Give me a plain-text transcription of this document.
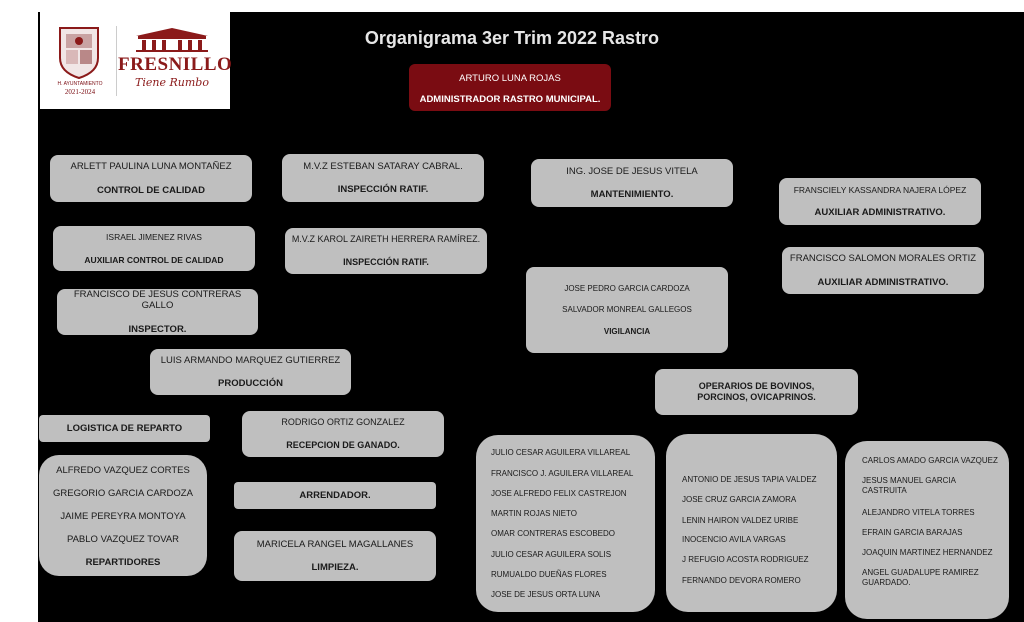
H. AYUNTAMIENTO
2021-2024
FRESNILLO
Tiene Rumbo
Organigrama 3er Trim 2022 Rastro
ARTURO LUNA ROJAS
ADMINISTRADOR RASTRO MUNICIPAL.
ARLETT PAULINA LUNA MONTAÑEZ
CONTROL DE CALIDAD
ISRAEL JIMENEZ RIVAS
AUXILIAR CONTROL DE CALIDAD
FRANCISCO DE JESUS CONTRERAS GALLO
INSPECTOR.
LUIS ARMANDO MARQUEZ GUTIERREZ
PRODUCCIÓN
M.V.Z ESTEBAN SATARAY CABRAL.
INSPECCIÓN RATIF.
M.V.Z KAROL ZAIRETH HERRERA RAMÍREZ.
INSPECCIÓN RATIF.
ING. JOSE DE JESUS VITELA
MANTENIMIENTO.
JOSE PEDRO GARCIA CARDOZA
SALVADOR MONREAL GALLEGOS
VIGILANCIA
FRANSCIELY KASSANDRA NAJERA LÓPEZ
AUXILIAR ADMINISTRATIVO.
FRANCISCO SALOMON MORALES ORTIZ
AUXILIAR ADMINISTRATIVO.
OPERARIOS DE BOVINOS, PORCINOS, OVICAPRINOS.
LOGISTICA DE REPARTO
ALFREDO VAZQUEZ CORTES
GREGORIO GARCIA CARDOZA
JAIME PEREYRA MONTOYA
PABLO VAZQUEZ TOVAR
REPARTIDORES
RODRIGO ORTIZ GONZALEZ
RECEPCION DE GANADO.
ARRENDADOR.
MARICELA RANGEL MAGALLANES
LIMPIEZA.
JULIO CESAR AGUILERA VILLAREAL
FRANCISCO J. AGUILERA VILLAREAL
JOSE ALFREDO FELIX CASTREJON
MARTIN ROJAS NIETO
OMAR CONTRERAS ESCOBEDO
JULIO CESAR AGUILERA SOLIS
RUMUALDO DUEÑAS FLORES
JOSE DE JESUS ORTA LUNA
ANTONIO DE JESUS TAPIA VALDEZ
JOSE CRUZ GARCIA ZAMORA
LENIN HAIRON VALDEZ URIBE
INOCENCIO AVILA VARGAS
J REFUGIO ACOSTA RODRIGUEZ
FERNANDO DEVORA ROMERO
CARLOS AMADO GARCIA VAZQUEZ
JESUS MANUEL GARCIA CASTRUITA
ALEJANDRO VITELA TORRES
EFRAIN GARCIA BARAJAS
JOAQUIN MARTINEZ HERNANDEZ
ANGEL GUADALUPE RAMIREZ GUARDADO.
